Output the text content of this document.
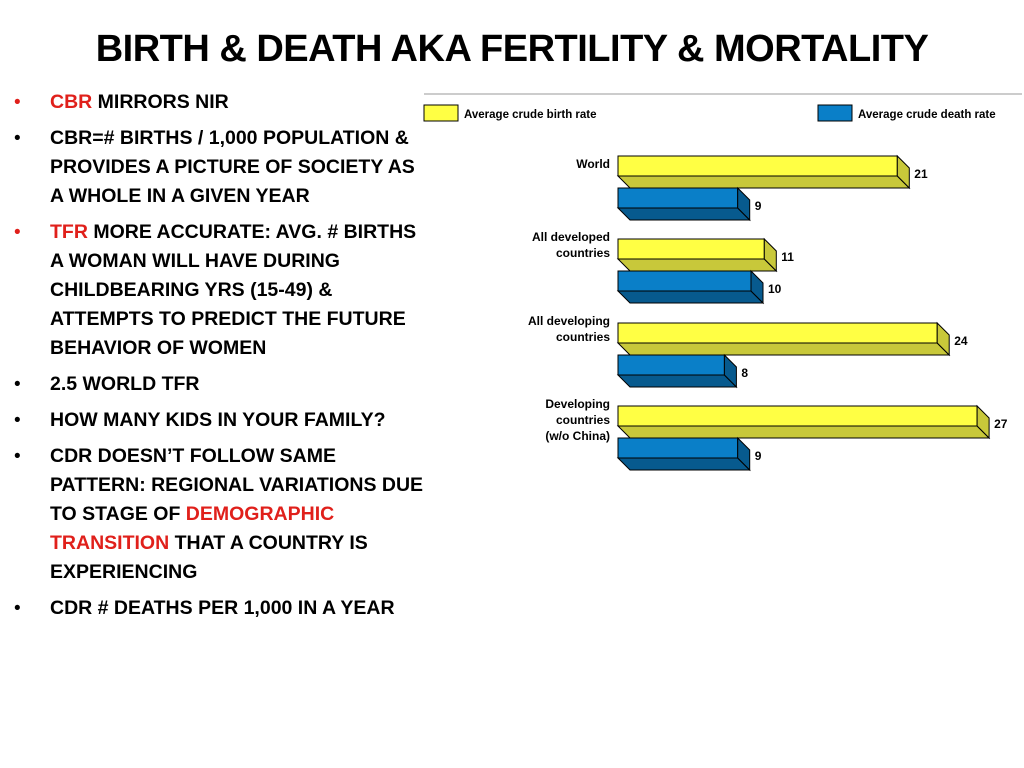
BIRTH & DEATH AKA FERTILITY & MORTALITY
• CBR MIRRORS NIR
• CBR=# BIRTHS / 1,000 POPULATION & PROVIDES A PICTURE OF SOCIETY AS A WHOLE IN A GIVEN YEAR
• TFR MORE ACCURATE: AVG. # BIRTHS A WOMAN WILL HAVE DURING CHILDBEARING YRS (15-49) & ATTEMPTS TO PREDICT THE FUTURE BEHAVIOR OF WOMEN
• 2.5 WORLD TFR
• HOW MANY KIDS IN YOUR FAMILY?
• CDR DOESN’T FOLLOW SAME PATTERN: REGIONAL VARIATIONS DUE TO STAGE OF DEMOGRAPHIC TRANSITION THAT A COUNTRY IS EXPERIENCING
• CDR # DEATHS PER 1,000 IN A YEAR
Average crude birth rate	Average crude death rate
World
21
9
All developed
countries	11
10
All developing
countries	24
8
Developing
countries
(w/o China)
27
9
